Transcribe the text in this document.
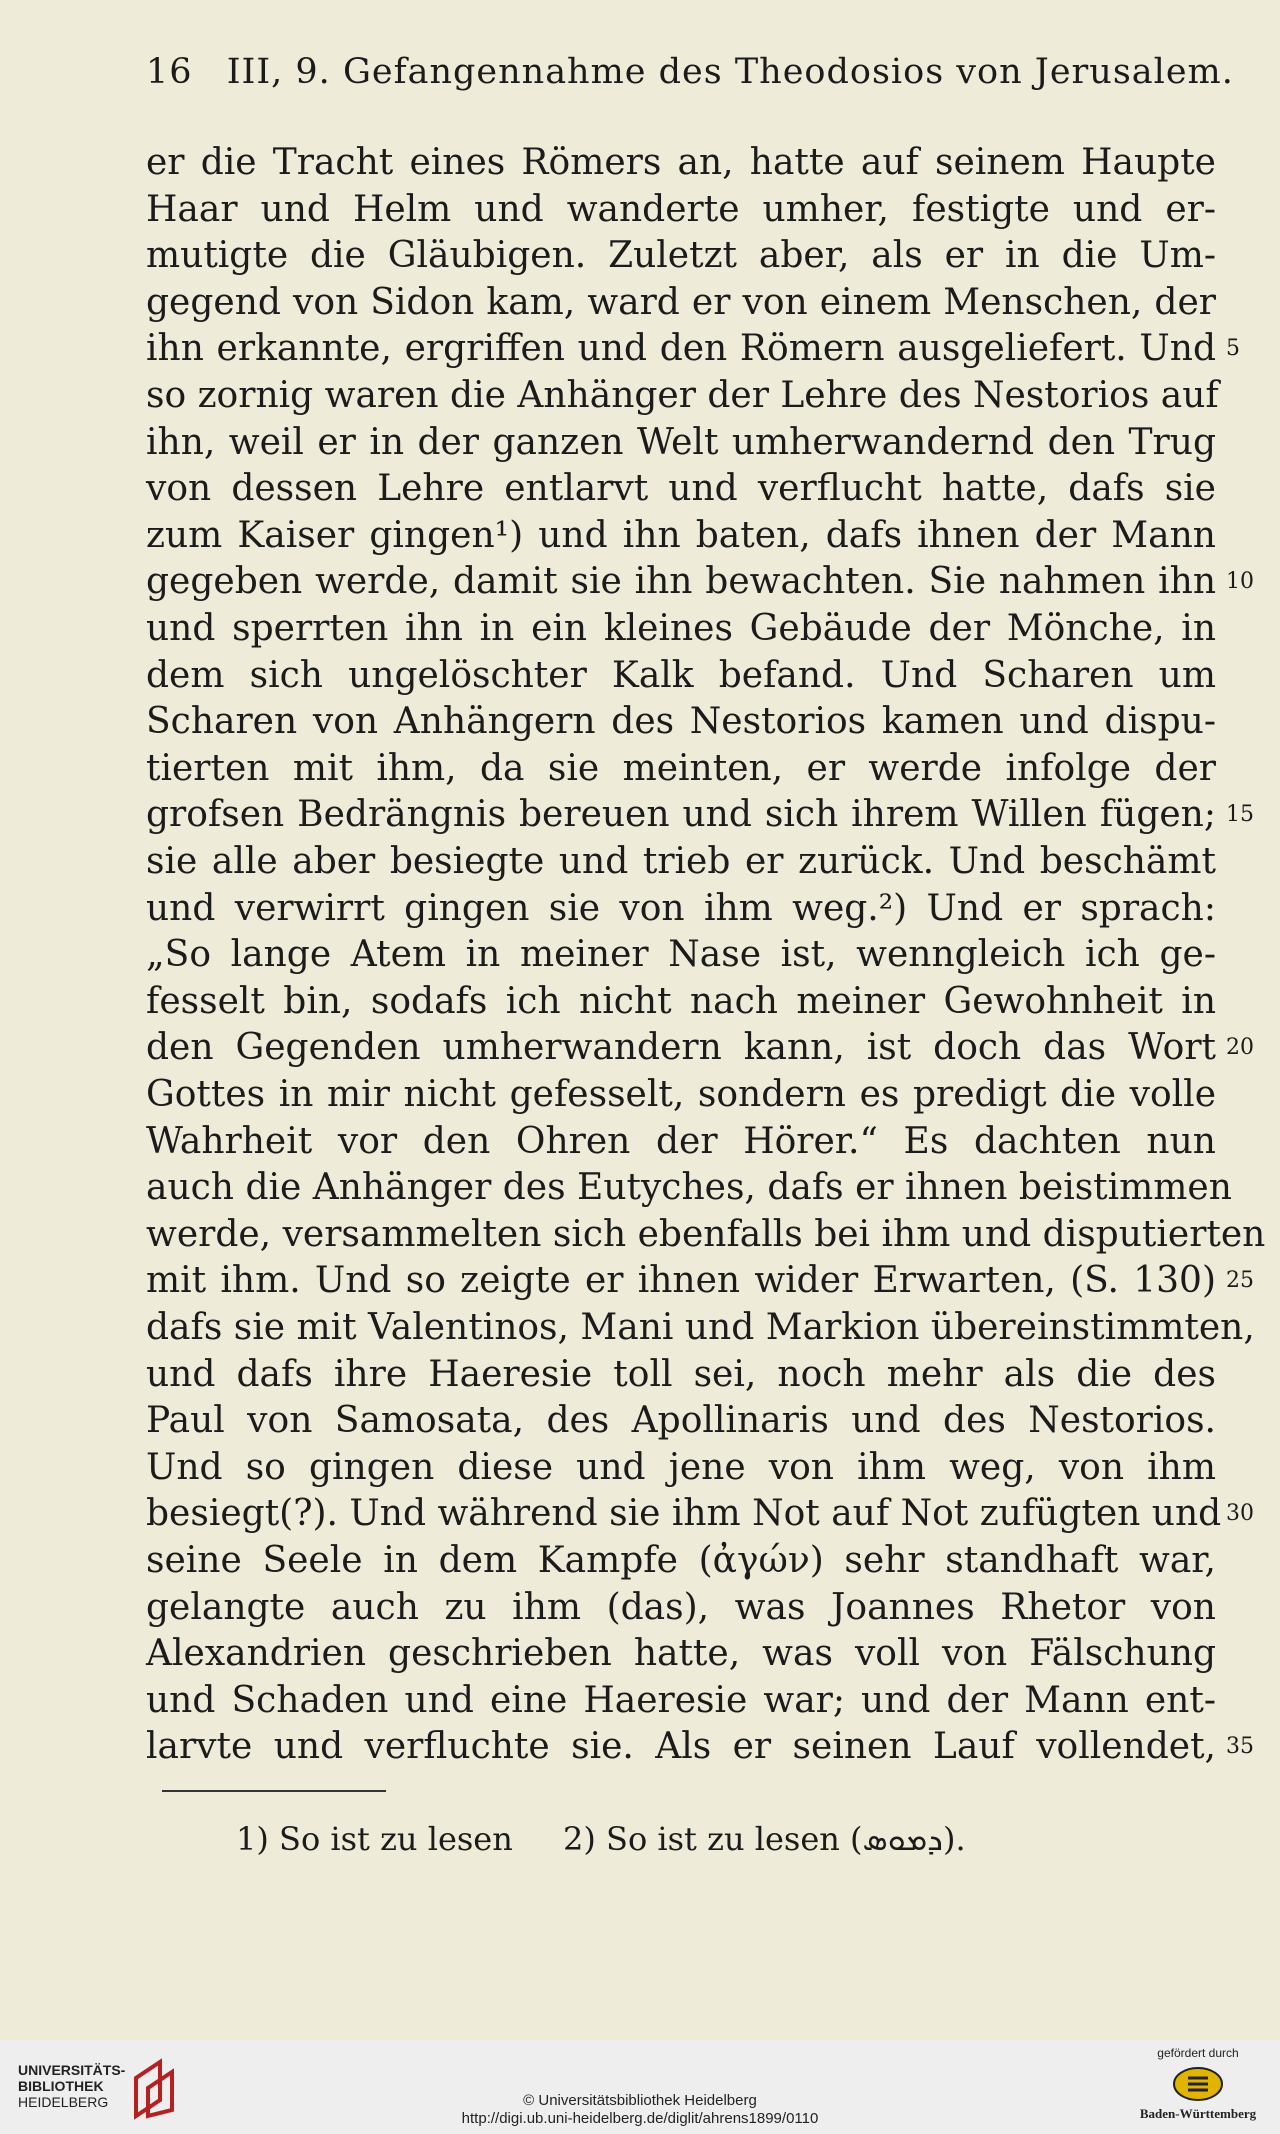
16 III, 9. Gefangennahme des Theodosios von Jerusalem.
er die Tracht eines Römers an, hatte auf seinem Haupte
Haar und Helm und wanderte umher, festigte und er-
mutigte die Gläubigen. Zuletzt aber, als er in die Um-
gegend von Sidon kam, ward er von einem Menschen, der
ihn erkannte, ergriffen und den Römern ausgeliefert. Und 5
so zornig waren die Anhänger der Lehre des Nestorios auf
ihn, weil er in der ganzen Welt umherwandernd den Trug
von dessen Lehre entlarvt und verflucht hatte, dafs sie
zum Kaiser gingen¹) und ihn baten, dafs ihnen der Mann
gegeben werde, damit sie ihn bewachten. Sie nahmen ihn 10
und sperrten ihn in ein kleines Gebäude der Mönche, in
dem sich ungelöschter Kalk befand. Und Scharen um
Scharen von Anhängern des Nestorios kamen und dispu-
tierten mit ihm, da sie meinten, er werde infolge der
grofsen Bedrängnis bereuen und sich ihrem Willen fügen; 15
sie alle aber besiegte und trieb er zurück. Und beschämt
und verwirrt gingen sie von ihm weg.²) Und er sprach:
„So lange Atem in meiner Nase ist, wenngleich ich ge-
fesselt bin, sodafs ich nicht nach meiner Gewohnheit in
den Gegenden umherwandern kann, ist doch das Wort 20
Gottes in mir nicht gefesselt, sondern es predigt die volle
Wahrheit vor den Ohren der Hörer.“ Es dachten nun
auch die Anhänger des Eutyches, dafs er ihnen beistimmen
werde, versammelten sich ebenfalls bei ihm und disputierten
mit ihm. Und so zeigte er ihnen wider Erwarten, (S. 130) 25
dafs sie mit Valentinos, Mani und Markion übereinstimmten,
und dafs ihre Haeresie toll sei, noch mehr als die des
Paul von Samosata, des Apollinaris und des Nestorios.
Und so gingen diese und jene von ihm weg, von ihm
besiegt(?). Und während sie ihm Not auf Not zufügten und 30
seine Seele in dem Kampfe (ἀγών) sehr standhaft war,
gelangte auch zu ihm (das), was Joannes Rhetor von
Alexandrien geschrieben hatte, was voll von Fälschung
und Schaden und eine Haeresie war; und der Mann ent-
larvte und verfluchte sie. Als er seinen Lauf vollendet, 35
1) So ist zu lesen 2) So ist zu lesen (ܕܡܘܣ).
UNIVERSITÄTS-
BIBLIOTHEK
HEIDELBERG	© Universitätsbibliothek Heidelberg
http://digi.ub.uni-heidelberg.de/diglit/ahrens1899/0110
gefördert durch
Baden-Württemberg
